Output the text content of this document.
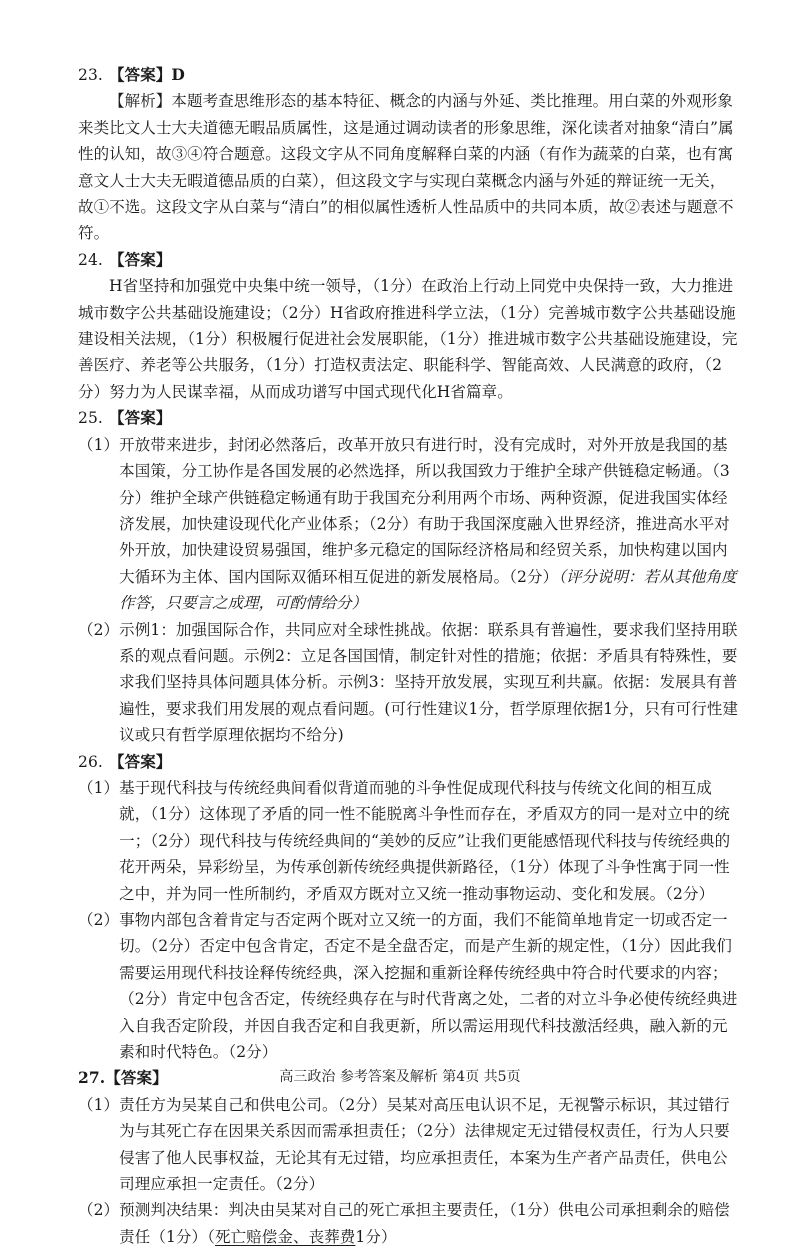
23. 【答案】D

【解析】本题考查思维形态的基本特征、概念的内涵与外延、类比推理。用白菜的外观形象来类比文人士大夫道德无暇品质属性，这是通过调动读者的形象思维，深化读者对抽象“清白”属性的认知，故③④符合题意。这段文字从不同角度解释白菜的内涵（有作为蔬菜的白菜，也有寓意文人士大夫无暇道德品质的白菜），但这段文字与实现白菜概念内涵与外延的辩证统一无关，故①不选。这段文字从白菜与“清白”的相似属性透析人性品质中的共同本质，故②表述与题意不符。

24. 【答案】

H省坚持和加强党中央集中统一领导，（1分）在政治上行动上同党中央保持一致，大力推进城市数字公共基础设施建设；（2分）H省政府推进科学立法，（1分）完善城市数字公共基础设施建设相关法规，（1分）积极履行促进社会发展职能，（1分）推进城市数字公共基础设施建设，完善医疗、养老等公共服务，（1分）打造权责法定、职能科学、智能高效、人民满意的政府，（2分）努力为人民谋幸福，从而成功谱写中国式现代化H省篇章。

25. 【答案】
（1） 开放带来进步，封闭必然落后，改革开放只有进行时，没有完成时，对外开放是我国的基本国策，分工协作是各国发展的必然选择，所以我国致力于维护全球产供链稳定畅通。（3分）维护全球产供链稳定畅通有助于我国充分利用两个市场、两种资源，促进我国实体经济发展，加快建设现代化产业体系；（2分）有助于我国深度融入世界经济，推进高水平对外开放，加快建设贸易强国，维护多元稳定的国际经济格局和经贸关系，加快构建以国内大循环为主体、国内国际双循环相互促进的新发展格局。（2分）（评分说明：若从其他角度作答，只要言之成理，可酌情给分）
（2） 示例1：加强国际合作，共同应对全球性挑战。依据：联系具有普遍性，要求我们坚持用联系的观点看问题。示例2：立足各国国情，制定针对性的措施；依据：矛盾具有特殊性，要求我们坚持具体问题具体分析。示例3：坚持开放发展，实现互利共赢。依据：发展具有普遍性，要求我们用发展的观点看问题。(可行性建议1分，哲学原理依据1分，只有可行性建议或只有哲学原理依据均不给分)
26. 【答案】
（1） 基于现代科技与传统经典间看似背道而驰的斗争性促成现代科技与传统文化间的相互成就，（1分）这体现了矛盾的同一性不能脱离斗争性而存在，矛盾双方的同一是对立中的统一；（2分）现代科技与传统经典间的“美妙的反应”让我们更能感悟现代科技与传统经典的花开两朵，异彩纷呈，为传承创新传统经典提供新路径，（1分）体现了斗争性寓于同一性之中，并为同一性所制约，矛盾双方既对立又统一推动事物运动、变化和发展。（2分）
（2） 事物内部包含着肯定与否定两个既对立又统一的方面，我们不能简单地肯定一切或否定一切。（2分）否定中包含肯定，否定不是全盘否定，而是产生新的规定性，（1分）因此我们需要运用现代科技诠释传统经典，深入挖掘和重新诠释传统经典中符合时代要求的内容；（2分）肯定中包含否定，传统经典存在与时代背离之处，二者的对立斗争必使传统经典进入自我否定阶段，并因自我否定和自我更新，所以需运用现代科技激活经典，融入新的元素和时代特色。（2分）
27.【答案】
（1） 责任方为吴某自己和供电公司。（2分）吴某对高压电认识不足，无视警示标识，其过错行为与其死亡存在因果关系因而需承担责任；（2分）法律规定无过错侵权责任，行为人只要侵害了他人民事权益，无论其有无过错，均应承担责任，本案为生产者产品责任，供电公司理应承担一定责任。（2分）
（2） 预测判决结果：判决由吴某对自己的死亡承担主要责任，（1分）供电公司承担剩余的赔偿责任（1分）（死亡赔偿金、丧葬费1分）
高三政治 参考答案及解析 第4页 共5页
